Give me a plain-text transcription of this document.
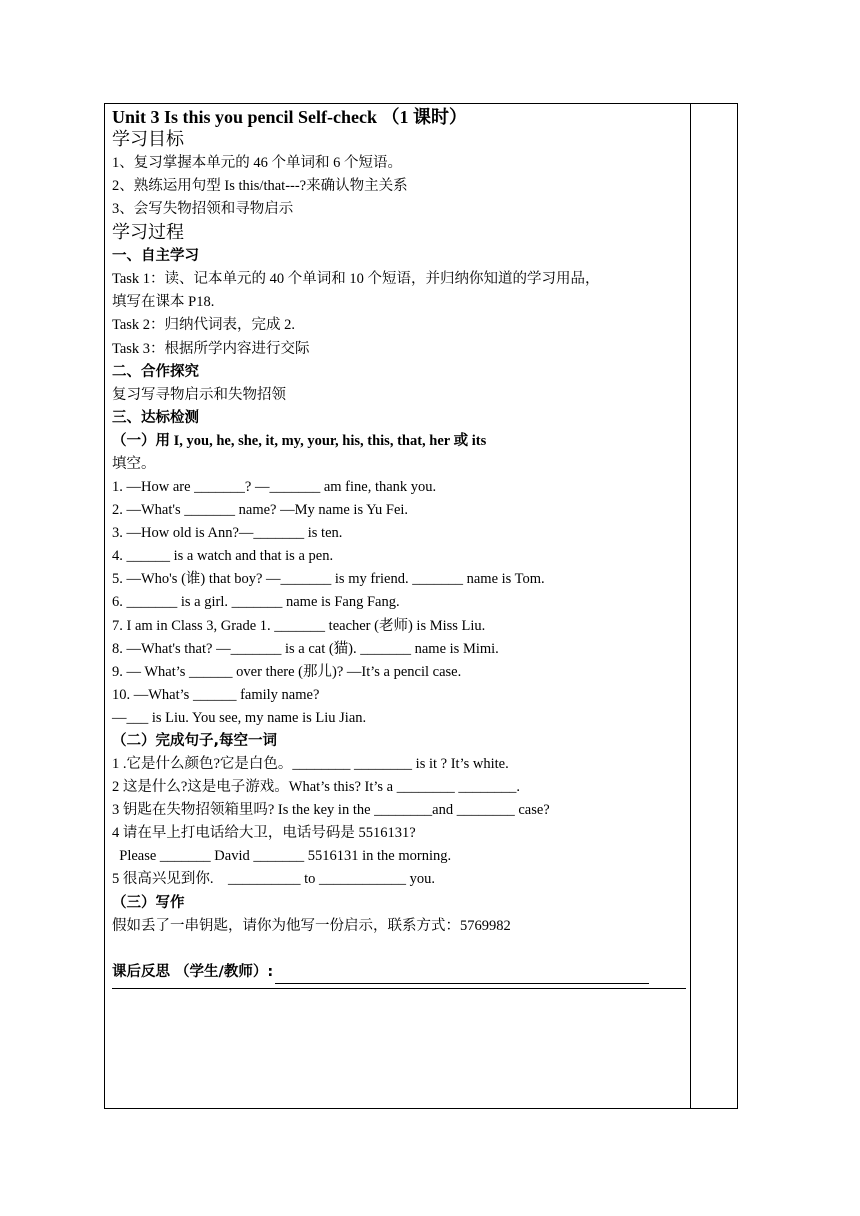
Unit 3 Is this you pencil Self-check （1 课时）
学习目标
1、复习掌握本单元的 46 个单词和 6 个短语。
2、熟练运用句型 Is this/that---?来确认物主关系
3、会写失物招领和寻物启示
学习过程
一、自主学习
Task 1：读、记本单元的 40 个单词和 10 个短语，并归纳你知道的学习用品，
填写在课本 P18.
Task 2：归纳代词表，完成 2.
Task 3：根据所学内容进行交际
二、合作探究
复习写寻物启示和失物招领
三、达标检测
（一）用 I, you, he, she, it, my, your, his, this, that, her 或 its
填空。
1. —How are _______? —_______ am fine, thank you.
2. —What's _______ name? —My name is Yu Fei.
3. —How old is Ann?—_______ is ten.
4. ______ is a watch and that is a pen.
5. —Who's (谁) that boy? —_______ is my friend. _______ name is Tom.
6. _______ is a girl. _______ name is Fang Fang.
7. I am in Class 3, Grade 1. _______ teacher (老师) is Miss Liu.
8. —What's that? —_______ is a cat (猫). _______ name is Mimi.
9. — What’s ______ over there (那儿)? —It’s a pencil case.
10. —What’s ______ family name?
—___ is Liu. You see, my name is Liu Jian.
（二）完成句子,每空一词
1 .它是什么颜色?它是白色。________ ________ is it ? It’s white.
2 这是什么?这是电子游戏。What’s this? It’s a ________ ________.
3 钥匙在失物招领箱里吗? Is the key in the ________and ________ case?
4 请在早上打电话给大卫，电话号码是 5516131?
Please _______ David _______ 5516131 in the morning.
5 很高兴见到你.    __________ to ____________ you.
（三）写作
假如丢了一串钥匙，请你为他写一份启示，联系方式：5769982
课后反思 （学生/教师）:
